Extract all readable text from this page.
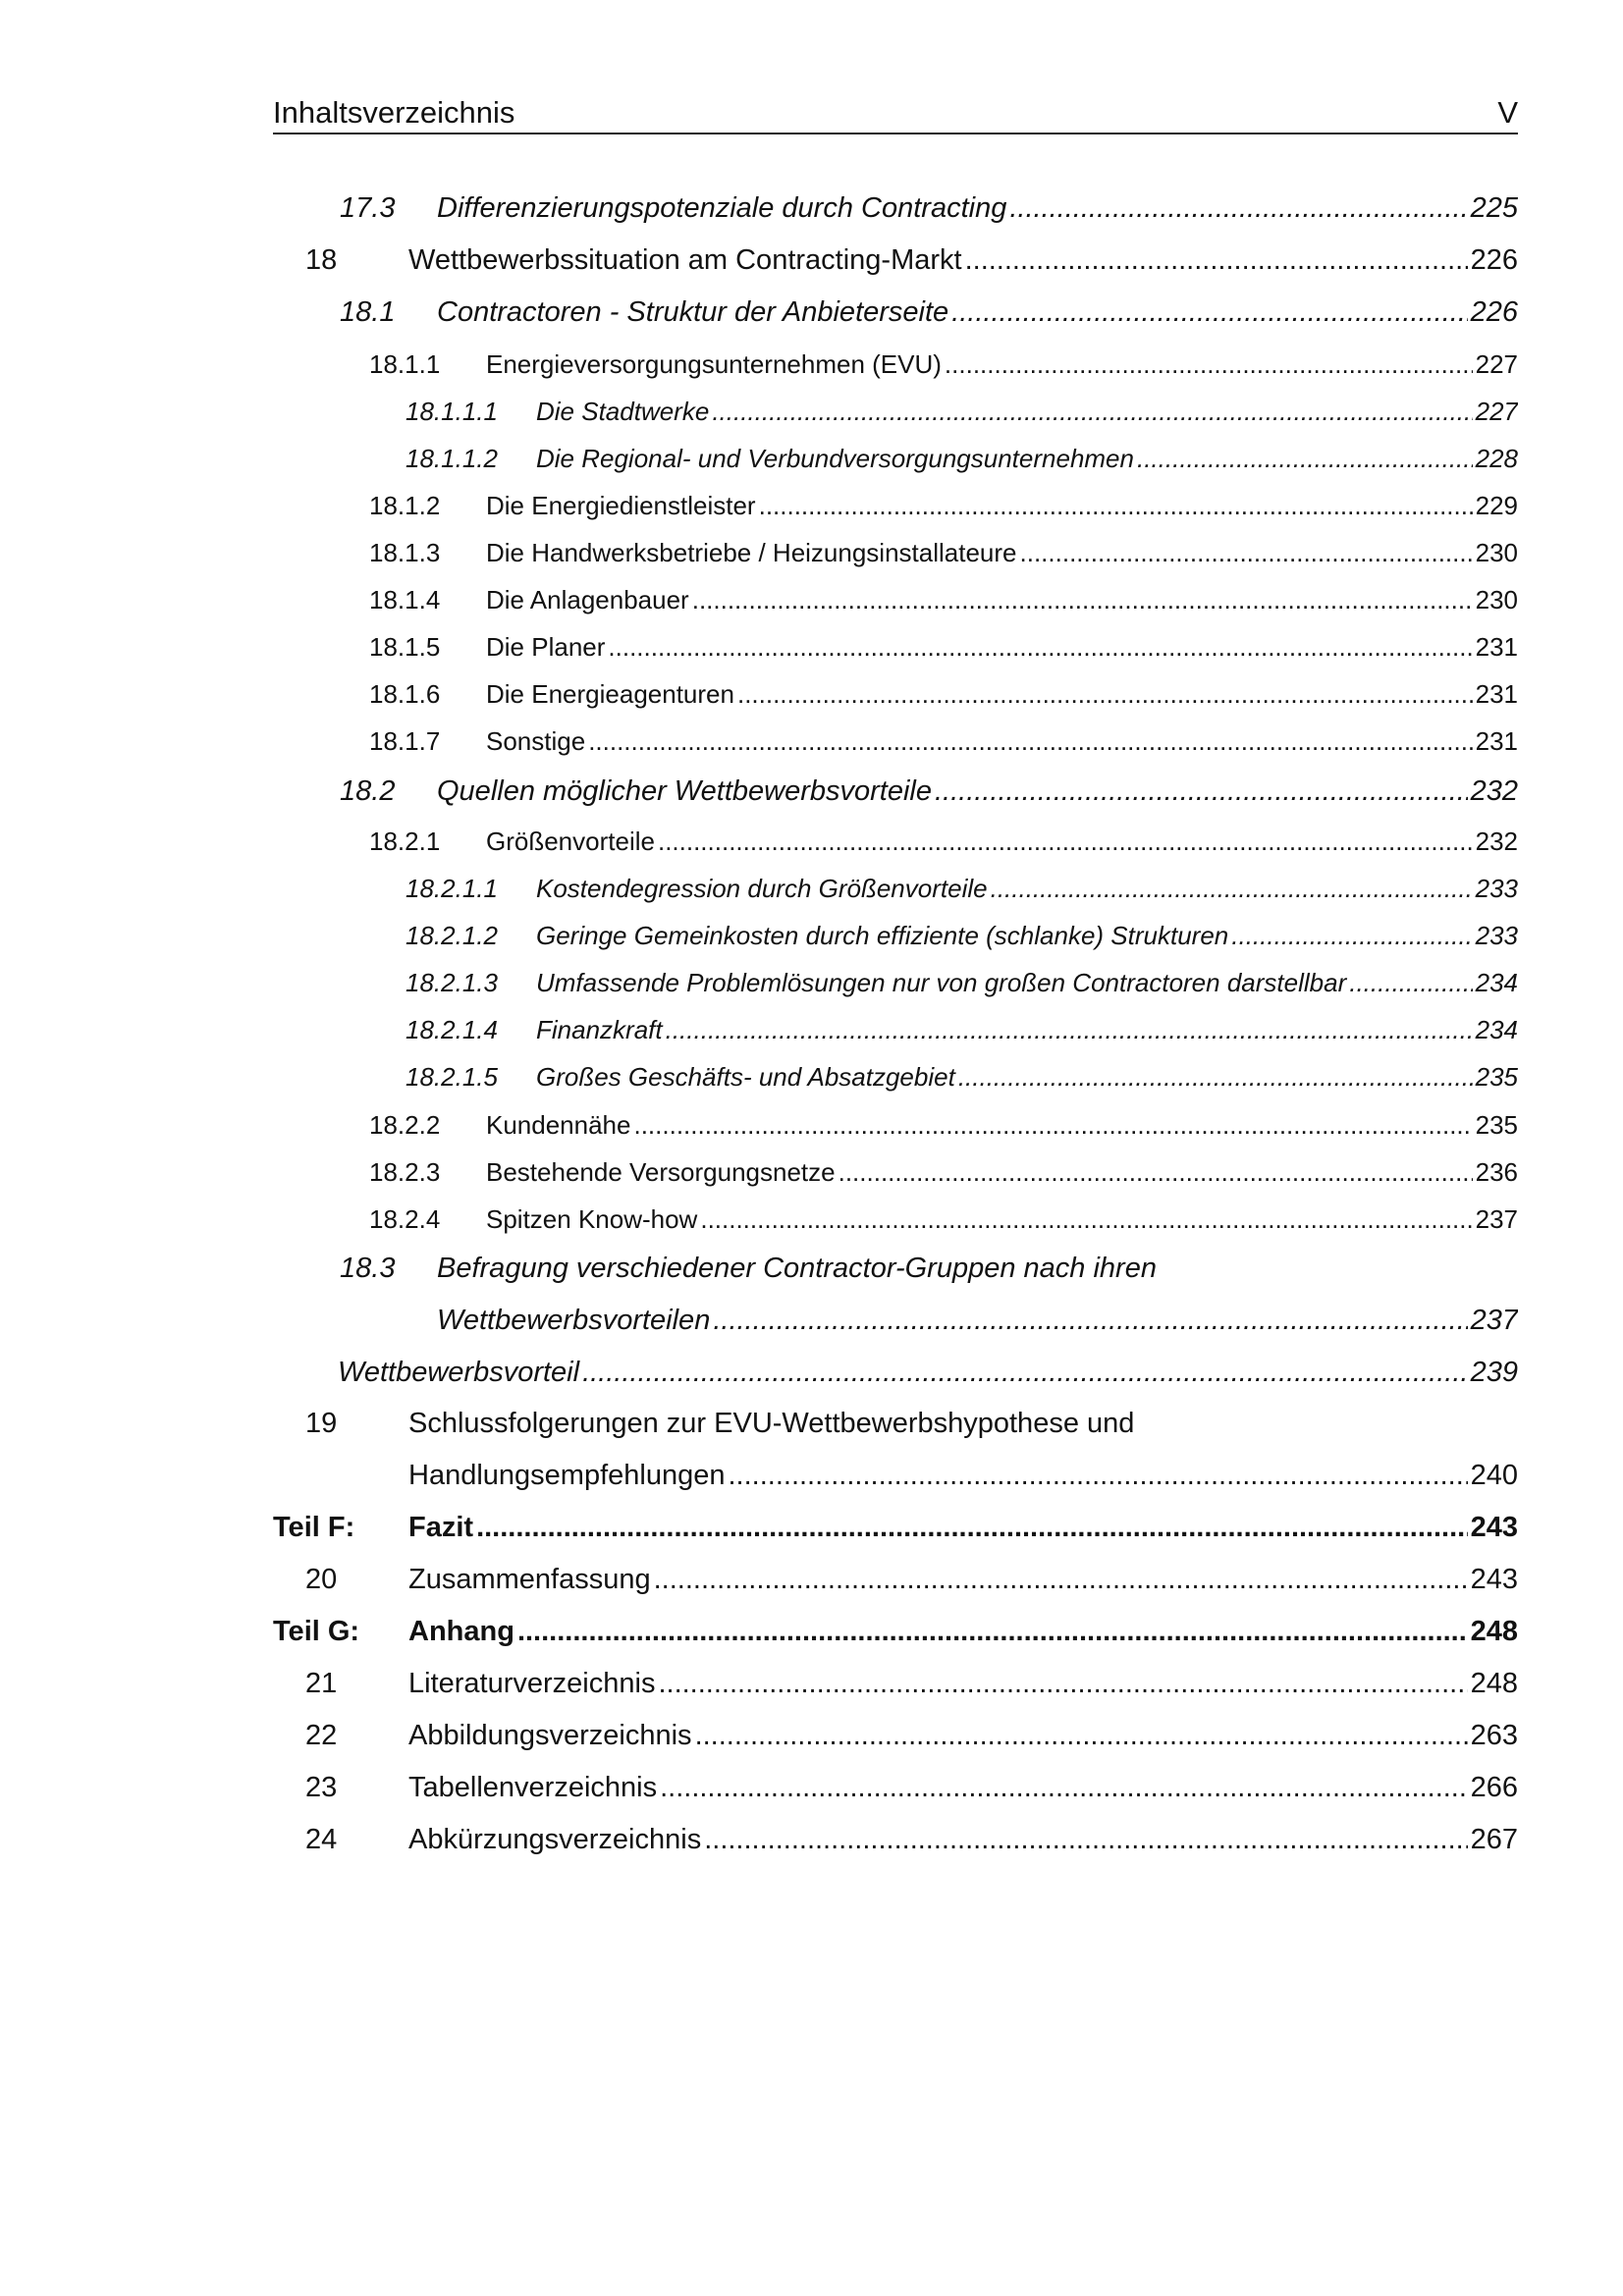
Inhaltsverzeichnis	V
17.3 Differenzierungspotenziale durch Contracting .....	225
18	Wettbewerbssituation am Contracting-Markt .....	226
18.1 Contractoren - Struktur der Anbieterseite .....	226
18.1.1 Energieversorgungsunternehmen (EVU) .....	227
18.1.1.1 Die Stadtwerke .....	227
18.1.1.2 Die Regional- und Verbundversorgungsunternehmen .....	228
18.1.2 Die Energiedienstleister .....	229
18.1.3 Die Handwerksbetriebe / Heizungsinstallateure .....	230
18.1.4 Die Anlagenbauer .....	230
18.1.5 Die Planer .....	231
18.1.6 Die Energieagenturen .....	231
18.1.7 Sonstige .....	231
18.2 Quellen möglicher Wettbewerbsvorteile .....	232
18.2.1 Größenvorteile .....	232
18.2.1.1 Kostendegression durch Größenvorteile .....	233
18.2.1.2 Geringe Gemeinkosten durch effiziente (schlanke) Strukturen .....	233
18.2.1.3 Umfassende Problemlösungen nur von großen Contractoren darstellbar .....	234
18.2.1.4 Finanzkraft .....	234
18.2.1.5 Großes Geschäfts- und Absatzgebiet .....	235
18.2.2 Kundennähe .....	235
18.2.3 Bestehende Versorgungsnetze .....	236
18.2.4 Spitzen Know-how .....	237
18.3 Befragung verschiedener Contractor-Gruppen nach ihren
Wettbewerbsvorteilen .....	237
Wettbewerbsvorteil .....	239
19	Schlussfolgerungen zur EVU-Wettbewerbshypothese und
Handlungsempfehlungen .....	240
Teil F: Fazit .....	243
20	Zusammenfassung .....	243
Teil G: Anhang .....	248
21	Literaturverzeichnis .....	248
22	Abbildungsverzeichnis .....	263
23	Tabellenverzeichnis .....	266
24	Abkürzungsverzeichnis .....	267
